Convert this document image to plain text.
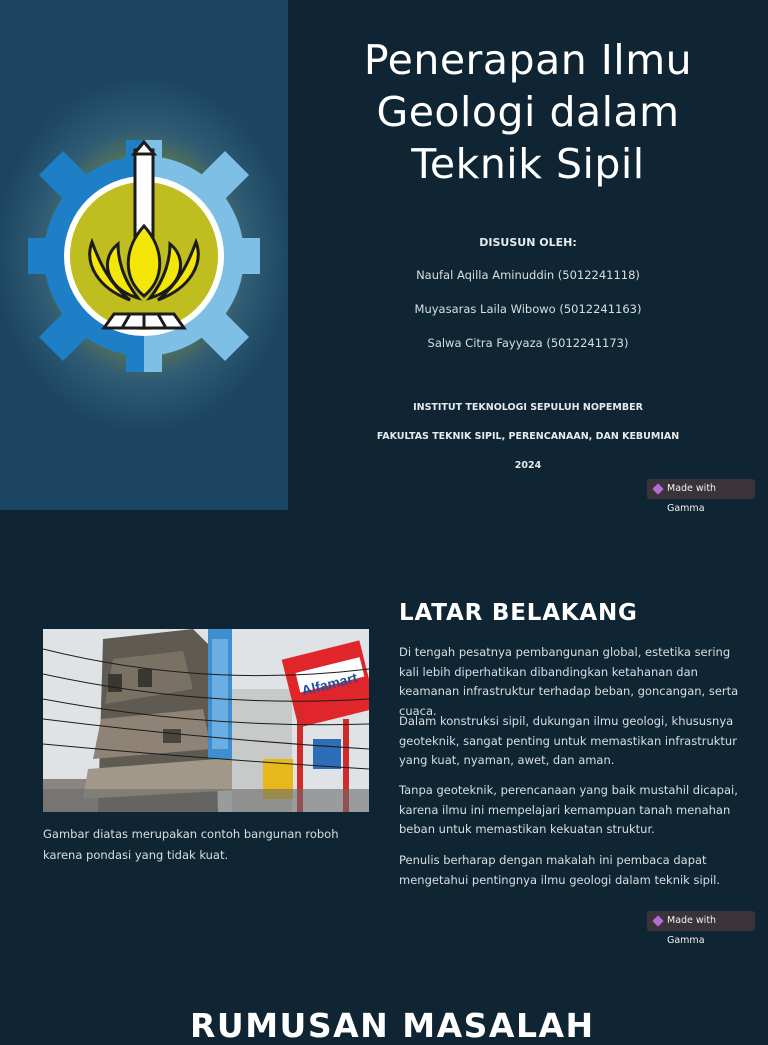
Penerapan Ilmu
Geologi dalam
Teknik Sipil

DISUSUN OLEH:

Naufal Aqilla Aminuddin (5012241118)

Muyasaras Laila Wibowo (5012241163)

Salwa Citra Fayyaza (5012241173)

INSTITUT TEKNOLOGI SEPULUH NOPEMBER

FAKULTAS TEKNIK SIPIL, PERENCANAAN, DAN KEBUMIAN

2024

Made with Gamma
Alfamart

Gambar diatas merupakan contoh bangunan roboh karena pondasi yang tidak kuat.

LATAR BELAKANG

Di tengah pesatnya pembangunan global, estetika sering kali lebih diperhatikan dibandingkan ketahanan dan keamanan infrastruktur terhadap beban, goncangan, serta cuaca.

Dalam konstruksi sipil, dukungan ilmu geologi, khususnya geoteknik, sangat penting untuk memastikan infrastruktur yang kuat, nyaman, awet, dan aman.

Tanpa geoteknik, perencanaan yang baik mustahil dicapai, karena ilmu ini mempelajari kemampuan tanah menahan beban untuk memastikan kekuatan struktur.

Penulis berharap dengan makalah ini pembaca dapat mengetahui pentingnya ilmu geologi dalam teknik sipil.

Made with Gamma
RUMUSAN MASALAH
